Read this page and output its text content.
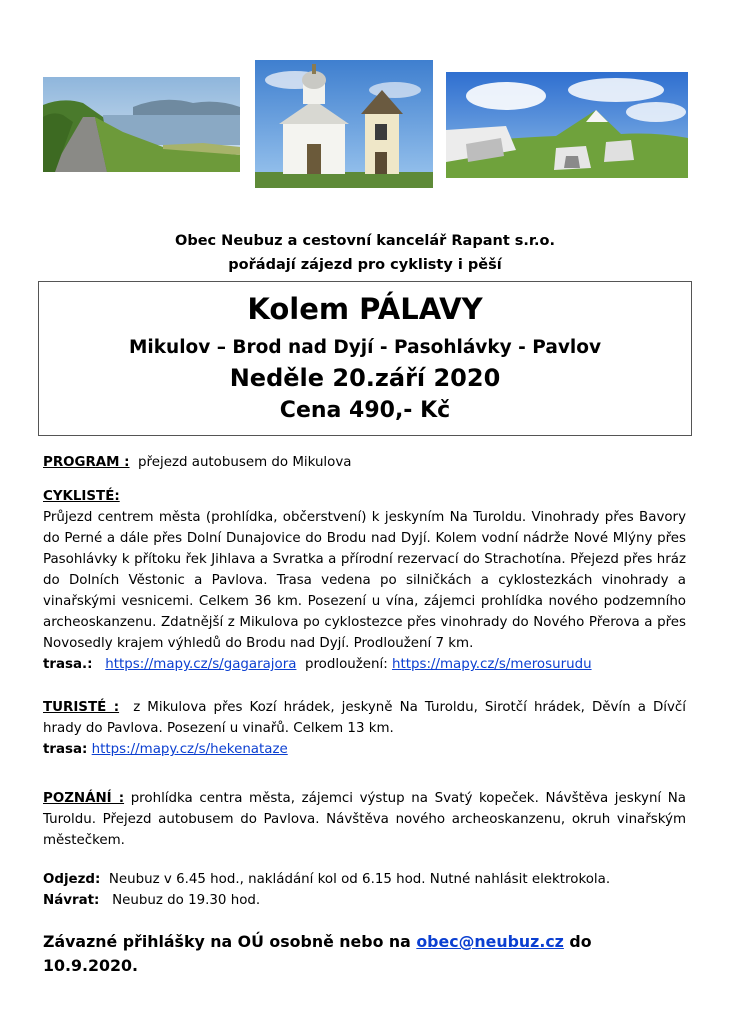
Obec Neubuz a cestovní kancelář Rapant s.r.o.
pořádají zájezd pro cyklisty i pěší
Kolem PÁLAVY
Mikulov – Brod nad Dyjí - Pasohlávky - Pavlov
Neděle 20.září 2020
Cena 490,- Kč
PROGRAM : přejezd autobusem do Mikulova
CYKLISTÉ:
Průjezd centrem města (prohlídka, občerstvení) k jeskyním Na Turoldu. Vinohrady přes Bavory do Perné a dále přes Dolní Dunajovice do Brodu nad Dyjí. Kolem vodní nádrže Nové Mlýny přes Pasohlávky k přítoku řek Jihlava a Svratka a přírodní rezervací do Strachotína. Přejezd přes hráz do Dolních Věstonic a Pavlova. Trasa vedena po silničkách a cyklostezkách vinohrady a vinařskými vesnicemi. Celkem 36 km. Posezení u vína, zájemci prohlídka nového podzemního archeoskanzenu. Zdatnější z Mikulova po cyklostezce přes vinohrady do Nového Přerova a přes Novosedly krajem výhledů do Brodu nad Dyjí. Prodloužení 7 km.
trasa.: https://mapy.cz/s/gagarajora prodloužení: https://mapy.cz/s/merosurudu
TURISTÉ : z Mikulova přes Kozí hrádek, jeskyně Na Turoldu, Sirotčí hrádek, Děvín a Dívčí hrady do Pavlova. Posezení u vinařů. Celkem 13 km.
trasa: https://mapy.cz/s/hekenataze
POZNÁNÍ : prohlídka centra města, zájemci výstup na Svatý kopeček. Návštěva jeskyní Na Turoldu. Přejezd autobusem do Pavlova. Návštěva nového archeoskanzenu, okruh vinařským městečkem.
Odjezd: Neubuz v 6.45 hod., nakládání kol od 6.15 hod. Nutné nahlásit elektrokola.
Návrat: Neubuz do 19.30 hod.
Závazné přihlášky na OÚ osobně nebo na obec@neubuz.cz do 10.9.2020.
